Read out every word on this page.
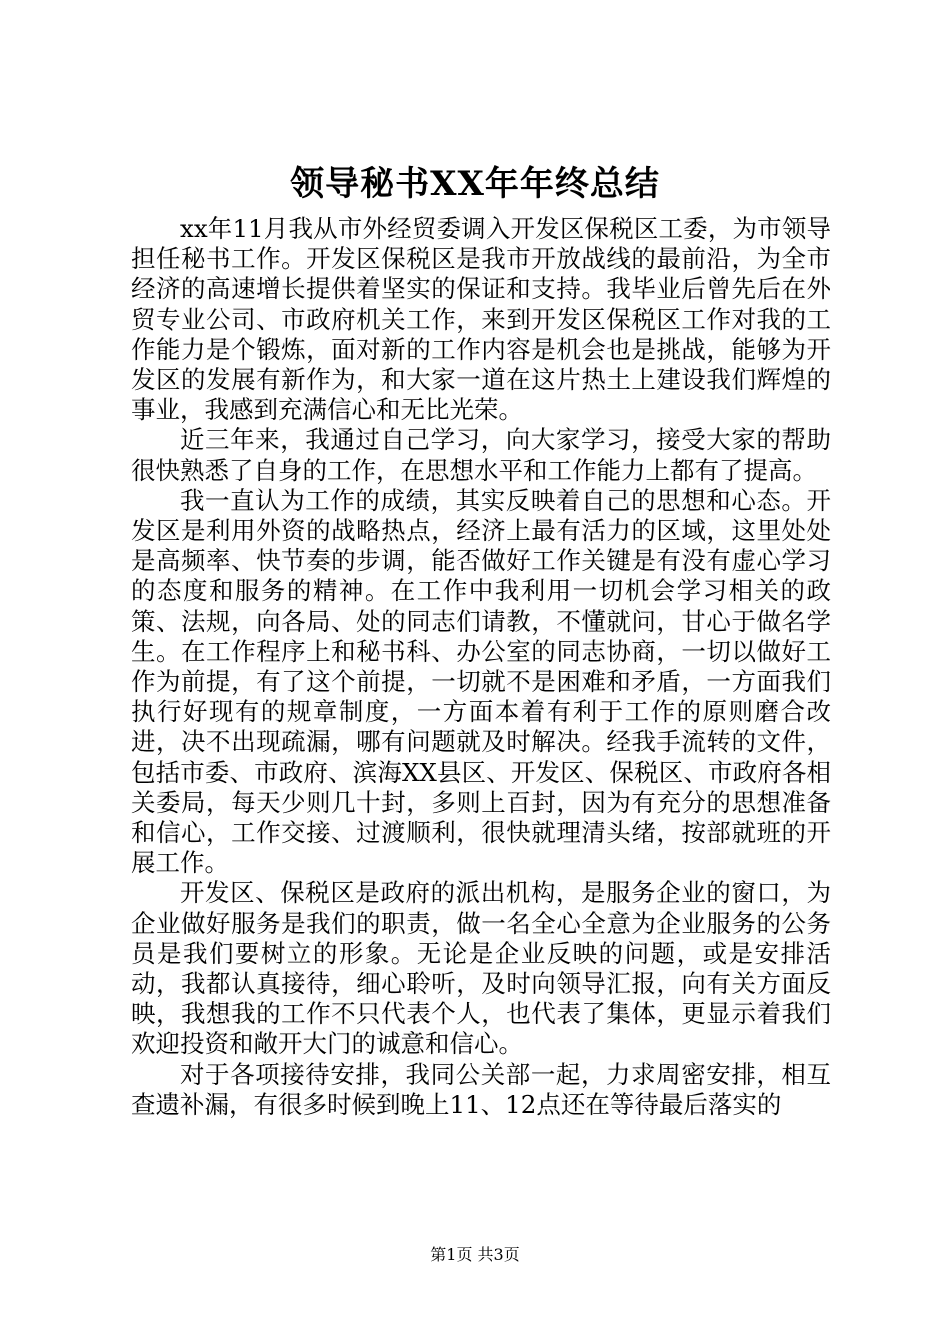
领导秘书XX年年终总结

xx年11月我从市外经贸委调入开发区保税区工委，为市领导担任秘书工作。开发区保税区是我市开放战线的最前沿，为全市经济的高速增长提供着坚实的保证和支持。我毕业后曾先后在外贸专业公司、市政府机关工作，来到开发区保税区工作对我的工作能力是个锻炼，面对新的工作内容是机会也是挑战，能够为开发区的发展有新作为，和大家一道在这片热土上建设我们辉煌的事业，我感到充满信心和无比光荣。

近三年来，我通过自己学习，向大家学习，接受大家的帮助很快熟悉了自身的工作，在思想水平和工作能力上都有了提高。

我一直认为工作的成绩，其实反映着自己的思想和心态。开发区是利用外资的战略热点，经济上最有活力的区域，这里处处是高频率、快节奏的步调，能否做好工作关键是有没有虚心学习的态度和服务的精神。在工作中我利用一切机会学习相关的政策、法规，向各局、处的同志们请教，不懂就问，甘心于做名学生。在工作程序上和秘书科、办公室的同志协商，一切以做好工作为前提，有了这个前提，一切就不是困难和矛盾，一方面我们执行好现有的规章制度，一方面本着有利于工作的原则磨合改进，决不出现疏漏，哪有问题就及时解决。经我手流转的文件，包括市委、市政府、滨海XX县区、开发区、保税区、市政府各相关委局，每天少则几十封，多则上百封，因为有充分的思想准备和信心，工作交接、过渡顺利，很快就理清头绪，按部就班的开展工作。

开发区、保税区是政府的派出机构，是服务企业的窗口，为企业做好服务是我们的职责，做一名全心全意为企业服务的公务员是我们要树立的形象。无论是企业反映的问题，或是安排活动，我都认真接待，细心聆听，及时向领导汇报，向有关方面反映，我想我的工作不只代表个人，也代表了集体，更显示着我们欢迎投资和敞开大门的诚意和信心。

对于各项接待安排，我同公关部一起，力求周密安排，相互查遗补漏，有很多时候到晚上11、12点还在等待最后落实的

第1页 共3页
